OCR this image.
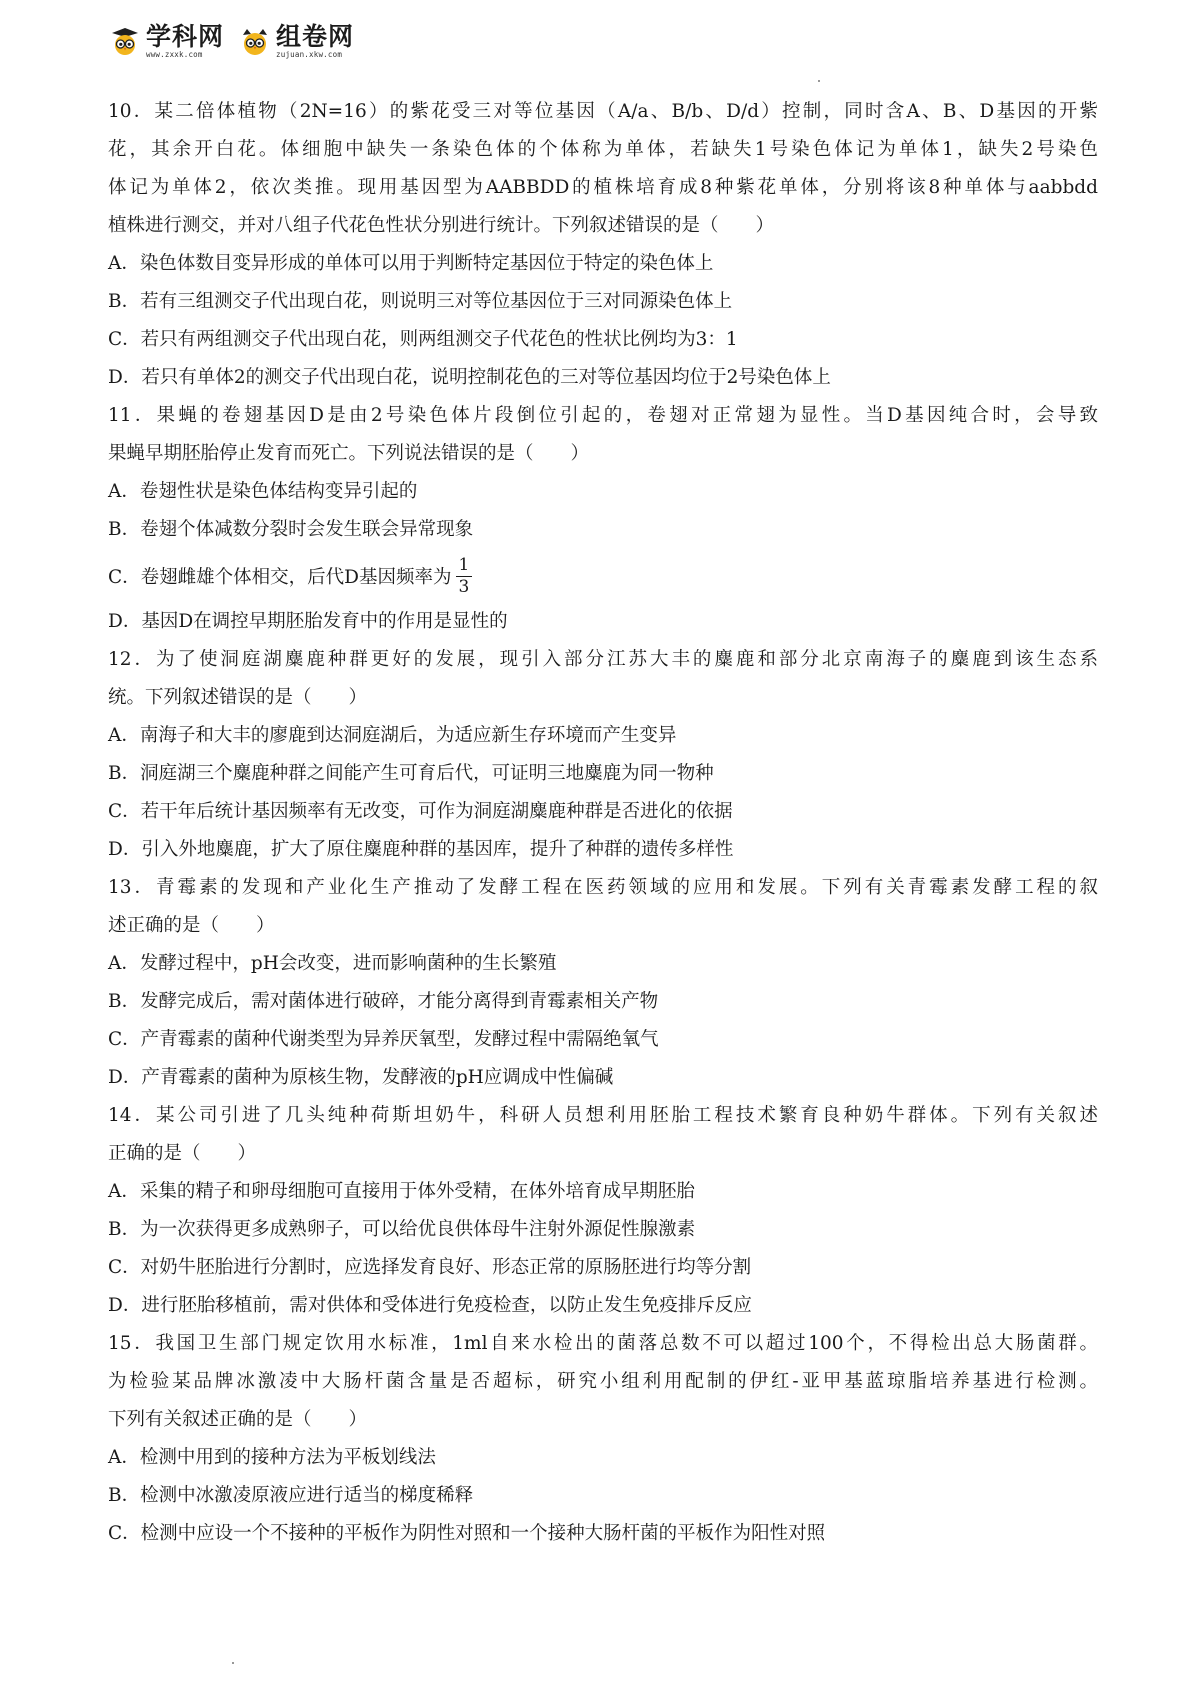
学科网
www.zxxk.com
组卷网
zujuan.xkw.com
10．某二倍体植物（2N=16）的紫花受三对等位基因（A/a、B/b、D/d）控制，同时含A、B、D基因的开紫
花，其余开白花。体细胞中缺失一条染色体的个体称为单体，若缺失1号染色体记为单体1，缺失2号染色
体记为单体2，依次类推。现用基因型为AABBDD的植株培育成8种紫花单体，分别将该8种单体与aabbdd
植株进行测交，并对八组子代花色性状分别进行统计。下列叙述错误的是（　　）
A．染色体数目变异形成的单体可以用于判断特定基因位于特定的染色体上
B．若有三组测交子代出现白花，则说明三对等位基因位于三对同源染色体上
C．若只有两组测交子代出现白花，则两组测交子代花色的性状比例均为3：1
D．若只有单体2的测交子代出现白花，说明控制花色的三对等位基因均位于2号染色体上
11．果蝇的卷翅基因D是由2号染色体片段倒位引起的，卷翅对正常翅为显性。当D基因纯合时，会导致
果蝇早期胚胎停止发育而死亡。下列说法错误的是（　　）
A．卷翅性状是染色体结构变异引起的
B．卷翅个体减数分裂时会发生联会异常现象
C．卷翅雌雄个体相交，后代D基因频率为 $\frac{1}{3}$
D．基因D在调控早期胚胎发育中的作用是显性的
12．为了使洞庭湖麋鹿种群更好的发展，现引入部分江苏大丰的麋鹿和部分北京南海子的麋鹿到该生态系
统。下列叙述错误的是（　　）
A．南海子和大丰的廖鹿到达洞庭湖后，为适应新生存环境而产生变异
B．洞庭湖三个麋鹿种群之间能产生可育后代，可证明三地麋鹿为同一物种
C．若干年后统计基因频率有无改变，可作为洞庭湖麋鹿种群是否进化的依据
D．引入外地麋鹿，扩大了原住麋鹿种群的基因库，提升了种群的遗传多样性
13．青霉素的发现和产业化生产推动了发酵工程在医药领域的应用和发展。下列有关青霉素发酵工程的叙
述正确的是（　　）
A．发酵过程中，pH会改变，进而影响菌种的生长繁殖
B．发酵完成后，需对菌体进行破碎，才能分离得到青霉素相关产物
C．产青霉素的菌种代谢类型为异养厌氧型，发酵过程中需隔绝氧气
D．产青霉素的菌种为原核生物，发酵液的pH应调成中性偏碱
14．某公司引进了几头纯种荷斯坦奶牛，科研人员想利用胚胎工程技术繁育良种奶牛群体。下列有关叙述
正确的是（　　）
A．采集的精子和卵母细胞可直接用于体外受精，在体外培育成早期胚胎
B．为一次获得更多成熟卵子，可以给优良供体母牛注射外源促性腺激素
C．对奶牛胚胎进行分割时，应选择发育良好、形态正常的原肠胚进行均等分割
D．进行胚胎移植前，需对供体和受体进行免疫检查，以防止发生免疫排斥反应
15．我国卫生部门规定饮用水标准，1ml自来水检出的菌落总数不可以超过100个，不得检出总大肠菌群。
为检验某品牌冰激凌中大肠杆菌含量是否超标，研究小组利用配制的伊红-亚甲基蓝琼脂培养基进行检测。
下列有关叙述正确的是（　　）
A．检测中用到的接种方法为平板划线法
B．检测中冰激凌原液应进行适当的梯度稀释
C．检测中应设一个不接种的平板作为阴性对照和一个接种大肠杆菌的平板作为阳性对照
